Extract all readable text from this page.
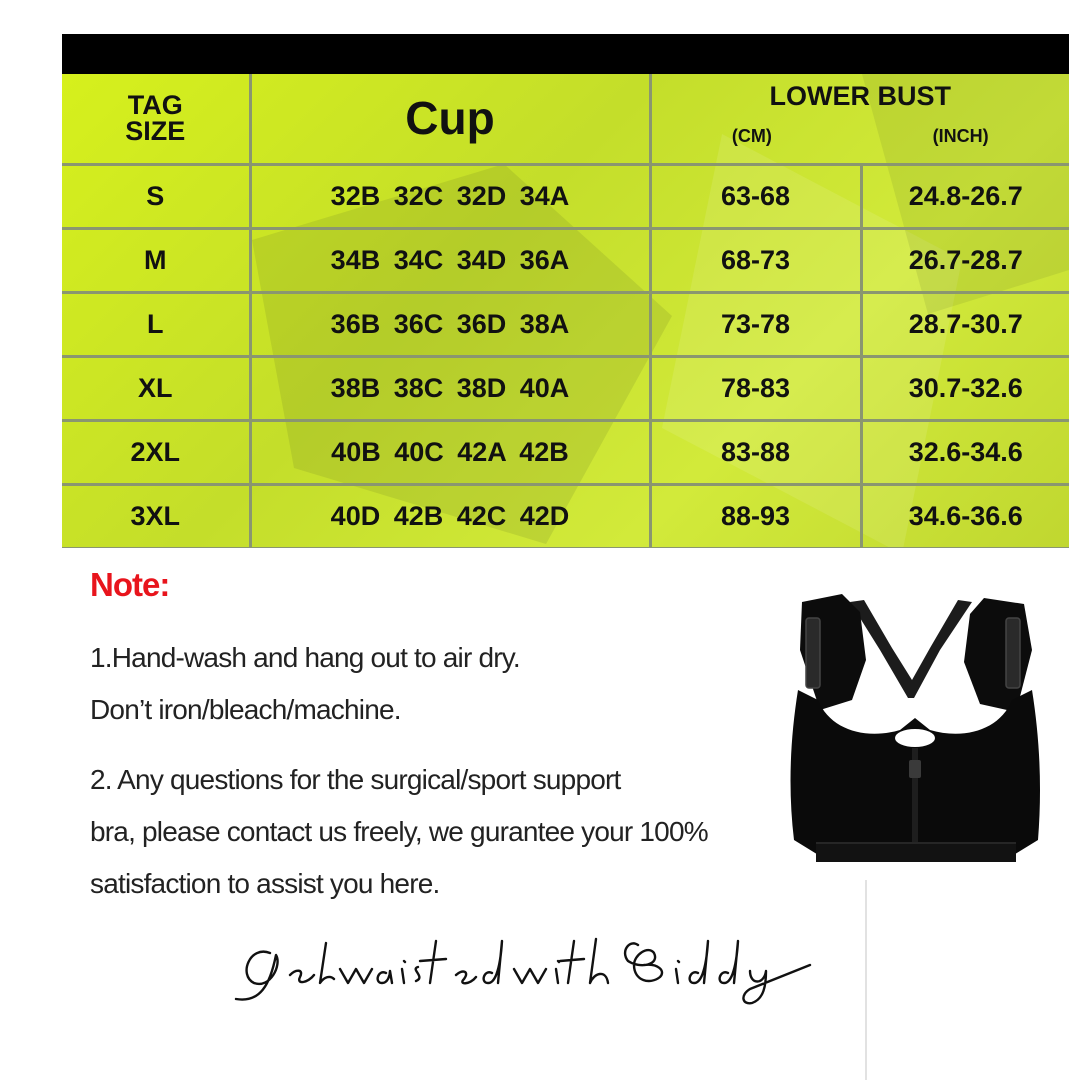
TAG
SIZE	Cup	LOWER BUST
(CM) (INCH)	

S	32B 32C 32D 34A	63-68	24.8-26.7
M	34B 34C 34D 36A	68-73	26.7-28.7
L	36B 36C 36D 38A	73-78	28.7-30.7
XL	38B 38C 38D 40A	78-83	30.7-32.6
2XL	40B 40C 42A 42B	83-88	32.6-34.6
3XL	40D 42B 42C 42D	88-93	34.6-36.6
Note:

1.Hand-wash and hang out to air dry.

Don’t iron/bleach/machine.

2. Any questions for the surgical/sport support

bra, please contact us freely, we gurantee your 100%

satisfaction to assist you here.
